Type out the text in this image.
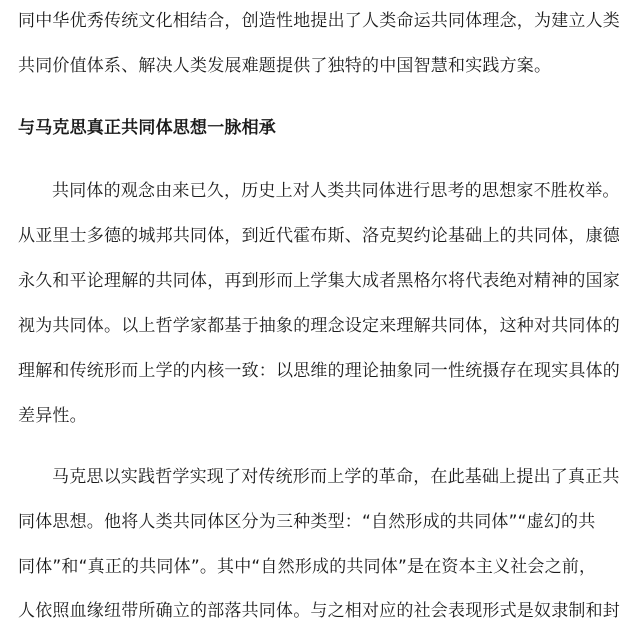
同中华优秀传统文化相结合，创造性地提出了人类命运共同体理念，为建立人类
共同价值体系、解决人类发展难题提供了独特的中国智慧和实践方案。
与马克思真正共同体思想一脉相承
共同体的观念由来已久，历史上对人类共同体进行思考的思想家不胜枚举。
从亚里士多德的城邦共同体，到近代霍布斯、洛克契约论基础上的共同体，康德
永久和平论理解的共同体，再到形而上学集大成者黑格尔将代表绝对精神的国家
视为共同体。以上哲学家都基于抽象的理念设定来理解共同体，这种对共同体的
理解和传统形而上学的内核一致：以思维的理论抽象同一性统摄存在现实具体的
差异性。
马克思以实践哲学实现了对传统形而上学的革命，在此基础上提出了真正共
同体思想。他将人类共同体区分为三种类型：“自然形成的共同体”“虚幻的共
同体”和“真正的共同体”。其中“自然形成的共同体”是在资本主义社会之前，
人依照血缘纽带所确立的部落共同体。与之相对应的社会表现形式是奴隶制和封
